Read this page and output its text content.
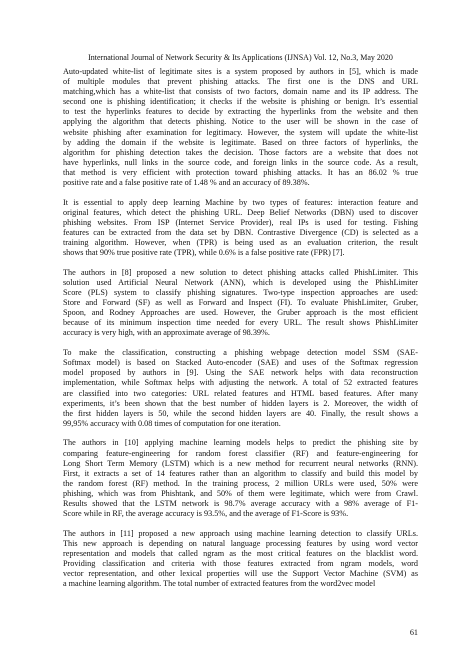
International Journal of Network Security & Its Applications (IJNSA) Vol. 12, No.3, May 2020
Auto-updated white-list of legitimate sites is a system proposed by authors in [5], which is made
of multiple modules that prevent phishing attacks. The first one is the DNS and URL
matching,which has a white-list that consists of two factors, domain name and its IP address. The
second one is phishing identification; it checks if the website is phishing or benign. It’s essential
to test the hyperlinks features to decide by extracting the hyperlinks from the website and then
applying the algorithm that detects phishing. Notice to the user will be shown in the case of
website phishing after examination for legitimacy. However, the system will update the white-list
by adding the domain if the website is legitimate. Based on three factors of hyperlinks, the
algorithm for phishing detection takes the decision. Those factors are a website that does not
have hyperlinks, null links in the source code, and foreign links in the source code. As a result,
that method is very efficient with protection toward phishing attacks. It has an 86.02 % true
positive rate and a false positive rate of 1.48 % and an accuracy of 89.38%.
It is essential to apply deep learning Machine by two types of features: interaction feature and
original features, which detect the phishing URL. Deep Belief Networks (DBN) used to discover
phishing websites. From ISP (Internet Service Provider), real IPs is used for testing. Fishing
features can be extracted from the data set by DBN. Contrastive Divergence (CD) is selected as a
training algorithm. However, when (TPR) is being used as an evaluation criterion, the result
shows that 90% true positive rate (TPR), while 0.6% is a false positive rate (FPR) [7].
The authors in [8] proposed a new solution to detect phishing attacks called PhishLimiter. This
solution used Artificial Neural Network (ANN), which is developed using the PhishLimiter
Score (PLS) system to classify phishing signatures. Two-type inspection approaches are used:
Store and Forward (SF) as well as Forward and Inspect (FI). To evaluate PhishLimiter, Gruber,
Spoon, and Rodney Approaches are used. However, the Gruber approach is the most efficient
because of its minimum inspection time needed for every URL. The result shows PhishLimiter
accuracy is very high, with an approximate average of 98.39%.
To make the classification, constructing a phishing webpage detection model SSM (SAE-
Softmax model) is based on Stacked Auto-encoder (SAE) and uses of the Softmax regression
model proposed by authors in [9]. Using the SAE network helps with data reconstruction
implementation, while Softmax helps with adjusting the network. A total of 52 extracted features
are classified into two categories: URL related features and HTML based features. After many
experiments, it’s been shown that the best number of hidden layers is 2. Moreover, the width of
the first hidden layers is 50, while the second hidden layers are 40. Finally, the result shows a
99,95% accuracy with 0.08 times of computation for one iteration.
The authors in [10] applying machine learning models helps to predict the phishing site by
comparing feature-engineering for random forest classifier (RF) and feature-engineering for
Long Short Term Memory (LSTM) which is a new method for recurrent neural networks (RNN).
First, it extracts a set of 14 features rather than an algorithm to classify and build this model by
the random forest (RF) method. In the training process, 2 million URLs were used, 50% were
phishing, which was from Phishtank, and 50% of them were legitimate, which were from Crawl.
Results showed that the LSTM network is 98.7% average accuracy with a 98% average of F1-
Score while in RF, the average accuracy is 93.5%, and the average of F1-Score is 93%.
The authors in [11] proposed a new approach using machine learning detection to classify URLs.
This new approach is depending on natural language processing features by using word vector
representation and models that called ngram as the most critical features on the blacklist word.
Providing classification and criteria with those features extracted from ngram models, word
vector representation, and other lexical properties will use the Support Vector Machine (SVM) as
a machine learning algorithm. The total number of extracted features from the word2vec model
61
